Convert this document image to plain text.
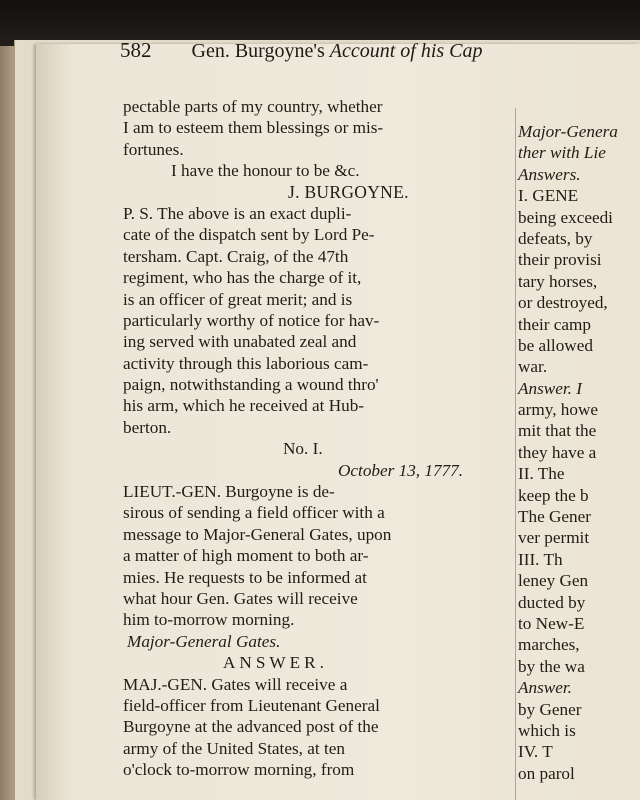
582 Gen. Burgoyne's Account of his Cap
pectable parts of my country, whether
I am to esteem them blessings or mis-
fortunes.
I have the honour to be &c.
J. BURGOYNE.
P. S. The above is an exact dupli-
cate of the dispatch sent by Lord Pe-
tersham. Capt. Craig, of the 47th
regiment, who has the charge of it,
is an officer of great merit; and is
particularly worthy of notice for hav-
ing served with unabated zeal and
activity through this laborious cam-
paign, notwithstanding a wound thro'
his arm, which he received at Hub-
berton.
No. I.
October 13, 1777.
LIEUT.-GEN. Burgoyne is de-
sirous of sending a field officer with a
message to Major-General Gates, upon
a matter of high moment to both ar-
mies. He requests to be informed at
what hour Gen. Gates will receive
him to-morrow morning.
Major-General Gates.
ANSWER.
MAJ.-GEN. Gates will receive a
field-officer from Lieutenant General
Burgoyne at the advanced post of the
army of the United States, at ten
o'clock to-morrow morning, from
Major-Genera
ther with Lie
Answers.
I. GENE
being exceedi
defeats, by
their provisi
tary horses,
or destroyed,
their camp
be allowed
war.
Answer. I
army, howe
mit that the
they have a
II. The
keep the b
The Gener
ver permit
III. Th
leney Gen
ducted by
to New-E
marches,
by the wa
Answer.
by Gener
which is
IV. T
on parol
